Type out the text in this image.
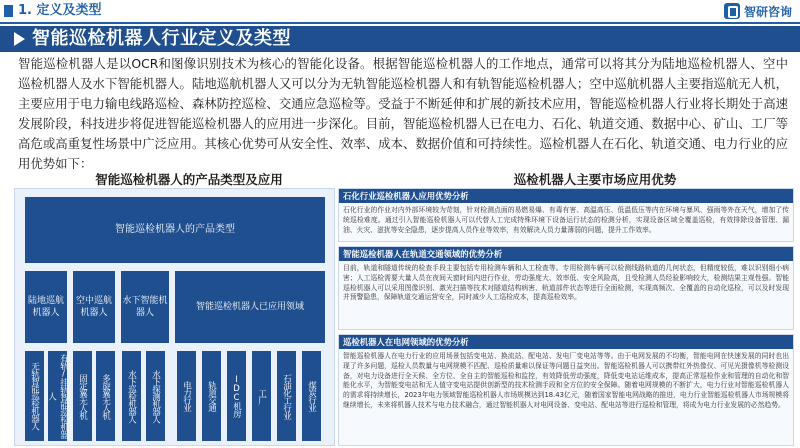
1. 定义及类型	智研咨询
智能巡检机器人行业定义及类型

智能巡检机器人是以OCR和图像识别技术为核心的智能化设备。根据智能巡检机器人的工作地点，通常可以将其分为陆地巡检机器人、空中巡检机器人及水下智能机器人。陆地巡航机器人又可以分为无轨智能巡检机器人和有轨智能巡检机器人；空中巡航机器人主要指巡航无人机，主要应用于电力输电线路巡检、森林防控巡检、交通应急巡检等。受益于不断延伸和扩展的新技术应用，智能巡检机器人行业将长期处于高速发展阶段，科技进步将促进智能巡检机器人的应用进一步深化。目前，智能巡检机器人已在电力、石化、轨道交通、数据中心、矿山、工厂等高危或高重复性场景中广泛应用。其核心优势可从安全性、效率、成本、数据价值和可持续性。巡检机器人在石化、轨道交通、电力行业的应用优势如下：

智能巡检机器人的产品类型及应用	巡检机器人主要市场应用优势
智能巡检机器人的产品类型
陆地巡航机器人
空中巡航机器人
水下智能机器人
智能巡检机器人已应用领域
无轨智能巡检机器人	有轨/挂轨智能巡检机器人	固定翼无人机	多旋翼无人机	水下巡检机器人	水下探测机器人	电力行业	轨道交通	IDC机房	工厂	石油化工行业	煤炭行业
石化行业巡检机器人应用优势分析
石化行业的作业对内外部环境较为苛刻，针对检测点面的易燃易爆、有毒有害、高温高压、低温低压等内在环境与暴风、强雨等外在天气，增加了传统巡检难度。通过引入智能巡检机器人可以代替人工完成特殊环境下设备运行状态的检测分析，实现设备区域全覆盖巡检，有效排除设备管理、漏油、火灾、滋扰等安全隐患，逐步提高人员作业等效率，有效解决人员力量薄弱的问题，提升工作效率。
智能巡检机器人在轨道交通领域的优势分析
目前，轨道和隧道传统的检查手段主要包括专用检测车辆和人工检查等。专用检测车辆可以检测线路轨道的几何状态，但精度较低，难以识别细小病害；人工巡检需要大量人员在夜间天窗时间内进行作业，劳动强度大、效率低、安全风险高，且受检测人员经验影响较大，检测结果主观性强。智能巡检机器人可以采用图像识别、激光扫描等技术对隧道结构病害、轨道部件状态等进行全面检测，实现高频次、全覆盖的自动化巡检，可以及时发现并预警隐患，保障轨道交通运营安全，同时减少人工巡检成本，提高巡检效率。
巡检机器人在电网领域的优势分析
智能巡检机器人在电力行业的应用场景包括变电站、换流站、配电站、发电厂变电站等等。由于电网发展的不均衡，智能电网在快速发展的同时也出现了许多问题，巡检人员数量与电网规模不匹配、巡检质量难以保证等问题日益突出。智能巡检机器人可以携带红外热像仪、可见光摄像机等检测设备，对电力设备进行全天候、全方位、全自主的智能巡检和监控，有效降低劳动强度，降低变电站运维成本，提高正常巡检作业和管理的自动化和智能化水平，为智能变电站和无人值守变电站提供创新型的技术检测手段和全方位的安全保障。随着电网规模的不断扩大，电力行业对智能巡检机器人的需求将持续增长，2023年电力领域智能巡检机器人市场规模达到18.43亿元，随着国家智能电网战略的推进，电力行业智能巡检机器人市场规模将继续增长，未来将机器人技术与电力技术融合，通过智能机器人对电网设备、变电站、配电站等进行巡检和管理，将成为电力行业发展的必然趋势。
